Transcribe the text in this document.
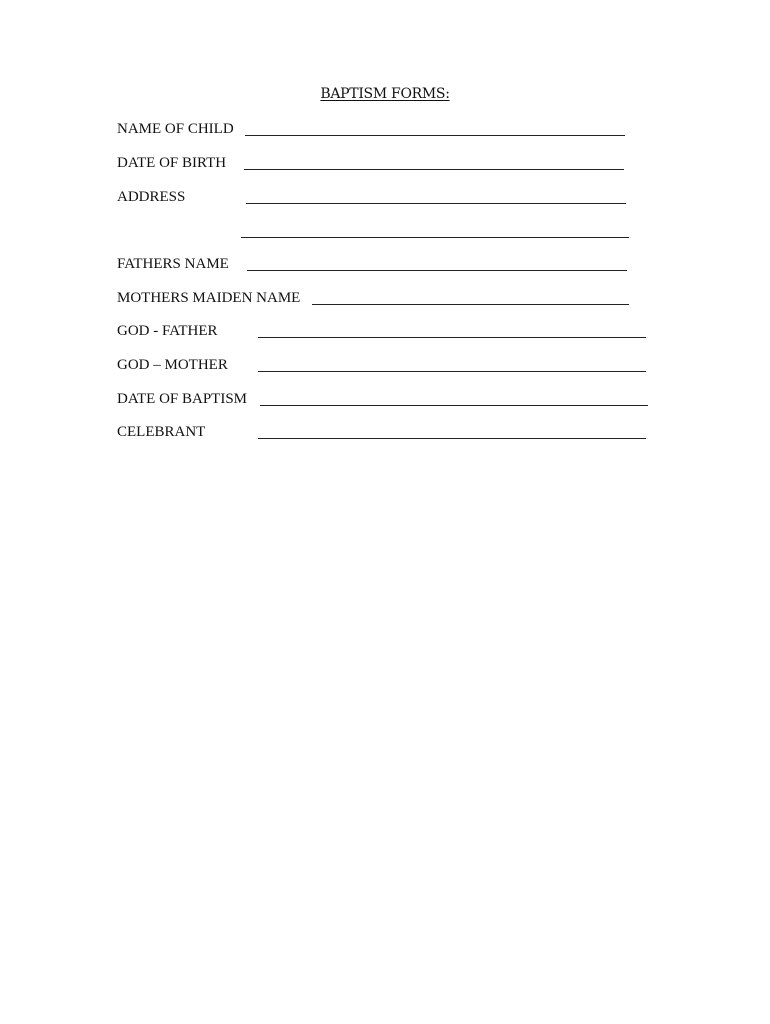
BAPTISM FORMS:
NAME OF CHILD
DATE OF BIRTH
ADDRESS
FATHERS NAME
MOTHERS MAIDEN NAME
GOD - FATHER
GOD – MOTHER
DATE OF BAPTISM
CELEBRANT
